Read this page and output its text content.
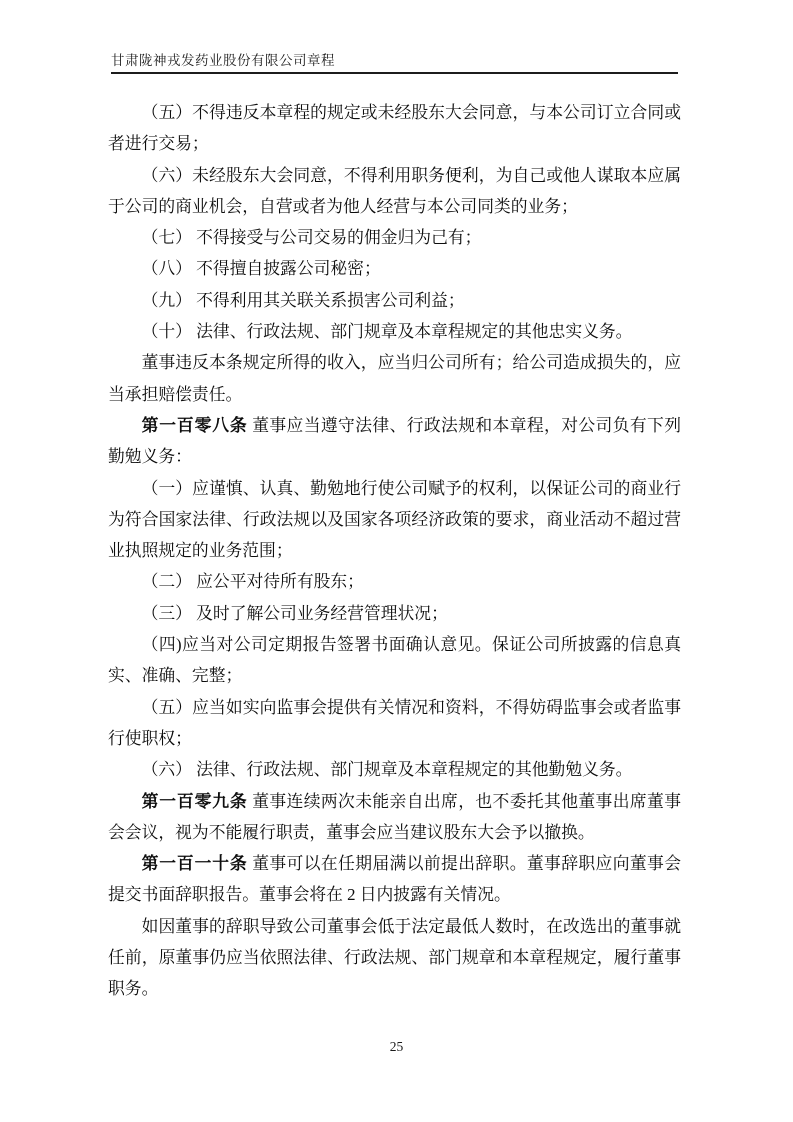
甘肃陇神戎发药业股份有限公司章程

（五）不得违反本章程的规定或未经股东大会同意，与本公司订立合同或者进行交易；

（六）未经股东大会同意，不得利用职务便利，为自己或他人谋取本应属于公司的商业机会，自营或者为他人经营与本公司同类的业务；

（七） 不得接受与公司交易的佣金归为己有；

（八） 不得擅自披露公司秘密；

（九） 不得利用其关联关系损害公司利益；

（十） 法律、行政法规、部门规章及本章程规定的其他忠实义务。

董事违反本条规定所得的收入，应当归公司所有；给公司造成损失的，应当承担赔偿责任。

第一百零八条 董事应当遵守法律、行政法规和本章程，对公司负有下列勤勉义务：

（一）应谨慎、认真、勤勉地行使公司赋予的权利，以保证公司的商业行为符合国家法律、行政法规以及国家各项经济政策的要求，商业活动不超过营业执照规定的业务范围；

（二） 应公平对待所有股东；

（三） 及时了解公司业务经营管理状况；

（四)应当对公司定期报告签署书面确认意见。保证公司所披露的信息真实、准确、完整；

（五）应当如实向监事会提供有关情况和资料，不得妨碍监事会或者监事行使职权；

（六） 法律、行政法规、部门规章及本章程规定的其他勤勉义务。

第一百零九条 董事连续两次未能亲自出席，也不委托其他董事出席董事会会议，视为不能履行职责，董事会应当建议股东大会予以撤换。

第一百一十条 董事可以在任期届满以前提出辞职。董事辞职应向董事会提交书面辞职报告。董事会将在 2 日内披露有关情况。

如因董事的辞职导致公司董事会低于法定最低人数时，在改选出的董事就任前，原董事仍应当依照法律、行政法规、部门规章和本章程规定，履行董事职务。

25
